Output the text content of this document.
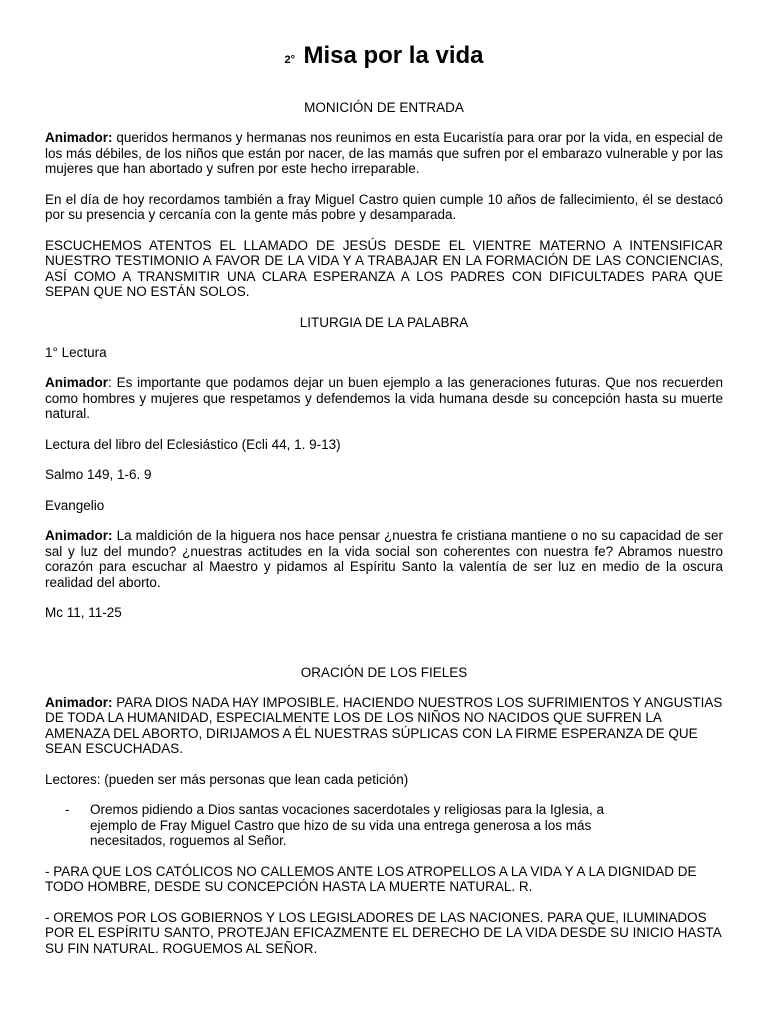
2° Misa por la vida
MONICIÓN DE ENTRADA

Animador: queridos hermanos y hermanas nos reunimos en esta Eucaristía para orar por la vida, en especial de los más débiles, de los niños que están por nacer, de las mamás que sufren por el embarazo vulnerable y por las mujeres que han abortado y sufren por este hecho irreparable.

En el día de hoy recordamos también a fray Miguel Castro quien cumple 10 años de fallecimiento, él se destacó por su presencia y cercanía con la gente más pobre y desamparada.

ESCUCHEMOS ATENTOS EL LLAMADO DE JESÚS DESDE EL VIENTRE MATERNO A INTENSIFICAR NUESTRO TESTIMONIO A FAVOR DE LA VIDA Y A TRABAJAR EN LA FORMACIÓN DE LAS CONCIENCIAS, ASÍ COMO A TRANSMITIR UNA CLARA ESPERANZA A LOS PADRES CON DIFICULTADES PARA QUE SEPAN QUE NO ESTÁN SOLOS.

LITURGIA DE LA PALABRA

1° Lectura

Animador: Es importante que podamos dejar un buen ejemplo a las generaciones futuras. Que nos recuerden como hombres y mujeres que respetamos y defendemos la vida humana desde su concepción hasta su muerte natural.

Lectura del libro del Eclesiástico (Ecli 44, 1. 9-13)

Salmo 149, 1-6. 9

Evangelio

Animador: La maldición de la higuera nos hace pensar ¿nuestra fe cristiana mantiene o no su capacidad de ser sal y luz del mundo? ¿nuestras actitudes en la vida social son coherentes con nuestra fe? Abramos nuestro corazón para escuchar al Maestro y pidamos al Espíritu Santo la valentía de ser luz en medio de la oscura realidad del aborto.

Mc 11, 11-25

ORACIÓN DE LOS FIELES

Animador: PARA DIOS NADA HAY IMPOSIBLE. HACIENDO NUESTROS LOS SUFRIMIENTOS Y ANGUSTIAS DE TODA LA HUMANIDAD, ESPECIALMENTE LOS DE LOS NIÑOS NO NACIDOS QUE SUFREN LA AMENAZA DEL ABORTO, DIRIJAMOS A ÉL NUESTRAS SÚPLICAS CON LA FIRME ESPERANZA DE QUE SEAN ESCUCHADAS.

Lectores: (pueden ser más personas que lean cada petición)

-	Oremos pidiendo a Dios santas vocaciones sacerdotales y religiosas para la Iglesia, a ejemplo de Fray Miguel Castro que hizo de su vida una entrega generosa a los más necesitados, roguemos al Señor.

- PARA QUE LOS CATÓLICOS NO CALLEMOS ANTE LOS ATROPELLOS A LA VIDA Y A LA DIGNIDAD DE TODO HOMBRE, DESDE SU CONCEPCIÓN HASTA LA MUERTE NATURAL. R.

- OREMOS POR LOS GOBIERNOS Y LOS LEGISLADORES DE LAS NACIONES. PARA QUE, ILUMINADOS POR EL ESPÍRITU SANTO, PROTEJAN EFICAZMENTE EL DERECHO DE LA VIDA DESDE SU INICIO HASTA SU FIN NATURAL. ROGUEMOS AL SEÑOR.
